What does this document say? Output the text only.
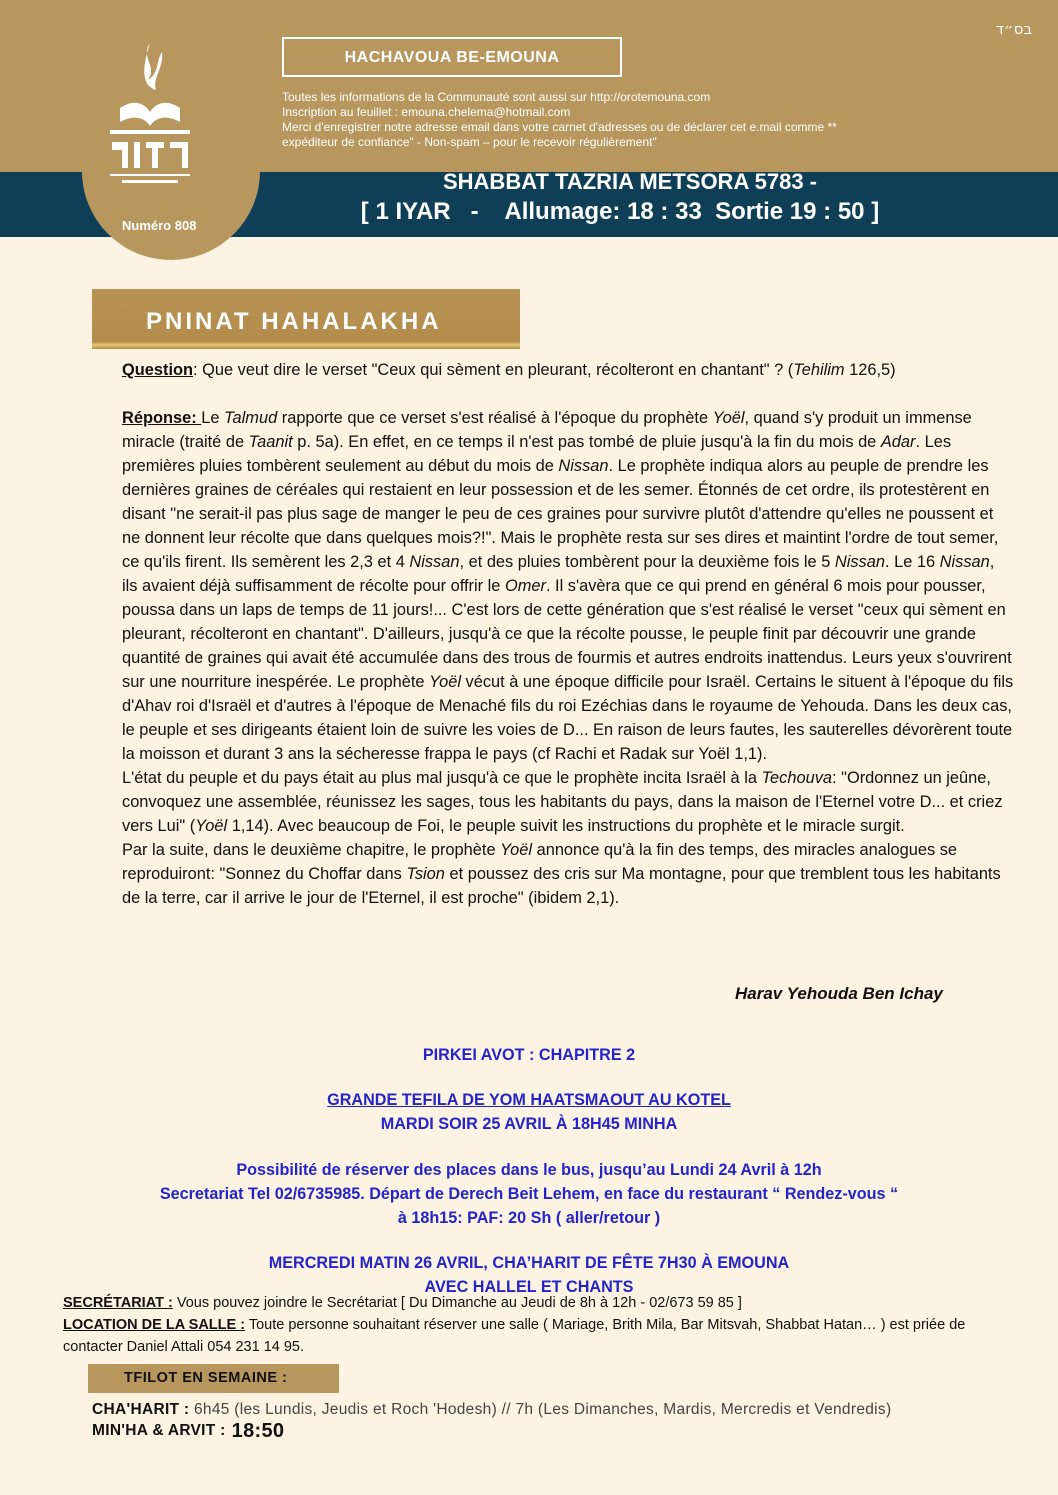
בס״ד
Numéro 808
HACHAVOUA BE-EMOUNA
Toutes les informations de la Communauté sont aussi sur http://orotemouna.com
Inscription au feuillet : emouna.chelema@hotmail.com
Merci d'enregistrer notre adresse email dans votre carnet d'adresses ou de déclarer cet e.mail comme **
expéditeur de confiance" - Non-spam – pour le recevoir régulièrement"
SHABBAT TAZRIA METSORA 5783 -
[ 1 IYAR   -    Allumage: 18 : 33  Sortie 19 : 50 ]
PNINAT HAHALAKHA

Question: Que veut dire le verset "Ceux qui sèment en pleurant, récolteront en chantant" ? (Tehilim 126,5)

Réponse: Le Talmud rapporte que ce verset s'est réalisé à l'époque du prophète Yoël, quand s'y produit un immense miracle (traité de Taanit p. 5a). En effet, en ce temps il n'est pas tombé de pluie jusqu'à la fin du mois de Adar. Les premières pluies tombèrent seulement au début du mois de Nissan. Le prophète indiqua alors au peuple de prendre les dernières graines de céréales qui restaient en leur possession et de les semer. Étonnés de cet ordre, ils protestèrent en disant "ne serait-il pas plus sage de manger le peu de ces graines pour survivre plutôt d'attendre qu'elles ne poussent et ne donnent leur récolte que dans quelques mois?!". Mais le prophète resta sur ses dires et maintint l'ordre de tout semer, ce qu'ils firent. Ils semèrent les 2,3 et 4 Nissan, et des pluies tombèrent pour la deuxième fois le 5 Nissan. Le 16 Nissan, ils avaient déjà suffisamment de récolte pour offrir le Omer. Il s'avèra que ce qui prend en général 6 mois pour pousser, poussa dans un laps de temps de 11 jours!... C'est lors de cette génération que s'est réalisé le verset "ceux qui sèment en pleurant, récolteront en chantant". D'ailleurs, jusqu'à ce que la récolte pousse, le peuple finit par découvrir une grande quantité de graines qui avait été accumulée dans des trous de fourmis et autres endroits inattendus. Leurs yeux s'ouvrirent sur une nourriture inespérée. Le prophète Yoël vécut à une époque difficile pour Israël. Certains le situent à l'époque du fils d'Ahav roi d'Israël et d'autres à l'époque de Menaché fils du roi Ezéchias dans le royaume de Yehouda. Dans les deux cas, le peuple et ses dirigeants étaient loin de suivre les voies de D... En raison de leurs fautes, les sauterelles dévorèrent toute la moisson et durant 3 ans la sécheresse frappa le pays (cf Rachi et Radak sur Yoël 1,1).

L'état du peuple et du pays était au plus mal jusqu'à ce que le prophète incita Israël à la Techouva: "Ordonnez un jeûne, convoquez une assemblée, réunissez les sages, tous les habitants du pays, dans la maison de l'Eternel votre D... et criez vers Lui" (Yoël 1,14). Avec beaucoup de Foi, le peuple suivit les instructions du prophète et le miracle surgit.

Par la suite, dans le deuxième chapitre, le prophète Yoël annonce qu'à la fin des temps, des miracles analogues se reproduiront: "Sonnez du Choffar dans Tsion et poussez des cris sur Ma montagne, pour que tremblent tous les habitants de la terre, car il arrive le jour de l'Eternel, il est proche" (ibidem 2,1).

Harav Yehouda Ben Ichay
PIRKEI AVOT : CHAPITRE 2
GRANDE TEFILA DE YOM HAATSMAOUT AU KOTEL
MARDI SOIR 25 AVRIL À 18H45 MINHA
Possibilité de réserver des places dans le bus, jusqu’au Lundi 24 Avril à 12h
Secretariat Tel 02/6735985. Départ de Derech Beit Lehem, en face du restaurant “ Rendez-vous “
à 18h15: PAF: 20 Sh ( aller/retour )
MERCREDI MATIN 26 AVRIL, CHA’HARIT DE FÊTE 7H30 À EMOUNA
AVEC HALLEL ET CHANTS
SECRÉTARIAT : Vous pouvez joindre le Secrétariat [ Du Dimanche au Jeudi de 8h à 12h - 02/673 59 85 ]
LOCATION DE LA SALLE : Toute personne souhaitant réserver une salle ( Mariage, Brith Mila, Bar Mitsvah, Shabbat Hatan… ) est priée de contacter Daniel Attali 054 231 14 95.
TFILOT EN SEMAINE :
CHA'HARIT : 6h45 (les Lundis, Jeudis et Roch 'Hodesh) // 7h (Les Dimanches, Mardis, Mercredis et Vendredis)
MIN'HA & ARVIT : 18:50
